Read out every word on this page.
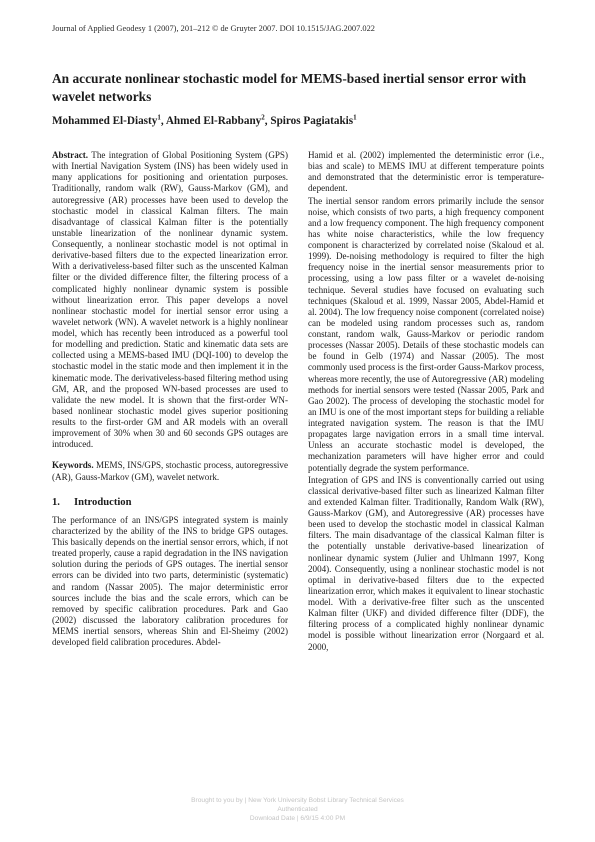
Journal of Applied Geodesy 1 (2007), 201–212 © de Gruyter 2007. DOI 10.1515/JAG.2007.022
An accurate nonlinear stochastic model for MEMS-based inertial sensor error with wavelet networks
Mohammed El-Diasty$^1$, Ahmed El-Rabbany$^2$, Spiros Pagiatakis$^1$

Abstract. The integration of Global Positioning System (GPS) with Inertial Navigation System (INS) has been widely used in many applications for positioning and orientation purposes. Traditionally, random walk (RW), Gauss-Markov (GM), and autoregressive (AR) processes have been used to develop the stochastic model in classical Kalman filters. The main disadvantage of classical Kalman filter is the potentially unstable linearization of the nonlinear dynamic system. Consequently, a nonlinear stochastic model is not optimal in derivative-based filters due to the expected linearization error. With a derivativeless-based filter such as the unscented Kalman filter or the divided difference filter, the filtering process of a complicated highly nonlinear dynamic system is possible without linearization error. This paper develops a novel nonlinear stochastic model for inertial sensor error using a wavelet network (WN). A wavelet network is a highly nonlinear model, which has recently been introduced as a powerful tool for modelling and prediction. Static and kinematic data sets are collected using a MEMS-based IMU (DQI-100) to develop the stochastic model in the static mode and then implement it in the kinematic mode. The derivativeless-based filtering method using GM, AR, and the proposed WN-based processes are used to validate the new model. It is shown that the first-order WN-based nonlinear stochastic model gives superior positioning results to the first-order GM and AR models with an overall improvement of 30% when 30 and 60 seconds GPS outages are introduced.

Keywords. MEMS, INS/GPS, stochastic process, autoregressive (AR), Gauss-Markov (GM), wavelet network.

1. Introduction

The performance of an INS/GPS integrated system is mainly characterized by the ability of the INS to bridge GPS outages. This basically depends on the inertial sensor errors, which, if not treated properly, cause a rapid degradation in the INS navigation solution during the periods of GPS outages. The inertial sensor errors can be divided into two parts, deterministic (systematic) and random (Nassar 2005). The major deterministic error sources include the bias and the scale errors, which can be removed by specific calibration procedures. Park and Gao (2002) discussed the laboratory calibration procedures for MEMS inertial sensors, whereas Shin and El-Sheimy (2002) developed field calibration procedures. Abdel-

Hamid et al. (2002) implemented the deterministic error (i.e., bias and scale) to MEMS IMU at different temperature points and demonstrated that the deterministic error is temperature-dependent.

The inertial sensor random errors primarily include the sensor noise, which consists of two parts, a high frequency component and a low frequency component. The high frequency component has white noise characteristics, while the low frequency component is characterized by correlated noise (Skaloud et al. 1999). De-noising methodology is required to filter the high frequency noise in the inertial sensor measurements prior to processing, using a low pass filter or a wavelet de-noising technique. Several studies have focused on evaluating such techniques (Skaloud et al. 1999, Nassar 2005, Abdel-Hamid et al. 2004). The low frequency noise component (correlated noise) can be modeled using random processes such as, random constant, random walk, Gauss-Markov or periodic random processes (Nassar 2005). Details of these stochastic models can be found in Gelb (1974) and Nassar (2005). The most commonly used process is the first-order Gauss-Markov process, whereas more recently, the use of Autoregressive (AR) modeling methods for inertial sensors were tested (Nassar 2005, Park and Gao 2002). The process of developing the stochastic model for an IMU is one of the most important steps for building a reliable integrated navigation system. The reason is that the IMU propagates large navigation errors in a small time interval. Unless an accurate stochastic model is developed, the mechanization parameters will have higher error and could potentially degrade the system performance.

Integration of GPS and INS is conventionally carried out using classical derivative-based filter such as linearized Kalman filter and extended Kalman filter. Traditionally, Random Walk (RW), Gauss-Markov (GM), and Autoregressive (AR) processes have been used to develop the stochastic model in classical Kalman filters. The main disadvantage of the classical Kalman filter is the potentially unstable derivative-based linearization of nonlinear dynamic system (Julier and Uhlmann 1997, Kong 2004). Consequently, using a nonlinear stochastic model is not optimal in derivative-based filters due to the expected linearization error, which makes it equivalent to linear stochastic model. With a derivative-free filter such as the unscented Kalman filter (UKF) and divided difference filter (DDF), the filtering process of a complicated highly nonlinear dynamic model is possible without linearization error (Norgaard et al. 2000,

Brought to you by | New York University Bobst Library Technical Services
Authenticated
Download Date | 6/9/15 4:00 PM
